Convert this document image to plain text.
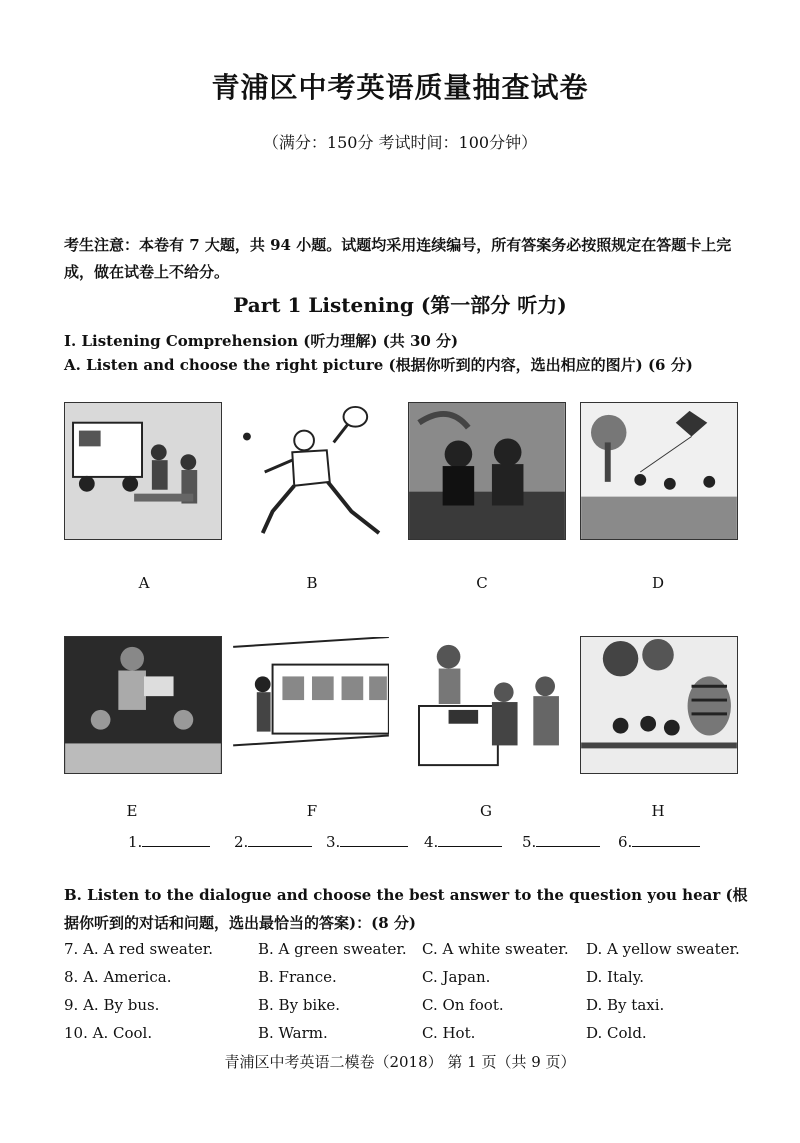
青浦区中考英语质量抽查试卷
（满分：150分 考试时间：100分钟）
考生注意：本卷有 7 大题，共 94 小题。试题均采用连续编号，所有答案务必按照规定在答题卡上完成，做在试卷上不给分。
Part 1 Listening (第一部分 听力)
I. Listening Comprehension (听力理解) (共 30 分)
A. Listen and choose the right picture (根据你听到的内容，选出相应的图片) (6 分)
A	B	C	D
E	F	G	H
1.	2.	3.	4.	5.	6.
B. Listen to the dialogue and choose the best answer to the question you hear (根据你听到的对话和问题，选出最恰当的答案)：(8 分)
7. A. A red sweater.	B. A green sweater. C. A white sweater. D. A yellow sweater.
8. A. America.	B. France.	C. Japan.	D. Italy.
9. A. By bus.	B. By bike.	C. On foot.	D. By taxi.
10. A. Cool.	B. Warm.	C. Hot.	D. Cold.
青浦区中考英语二模卷（2018） 第 1 页（共 9 页）
